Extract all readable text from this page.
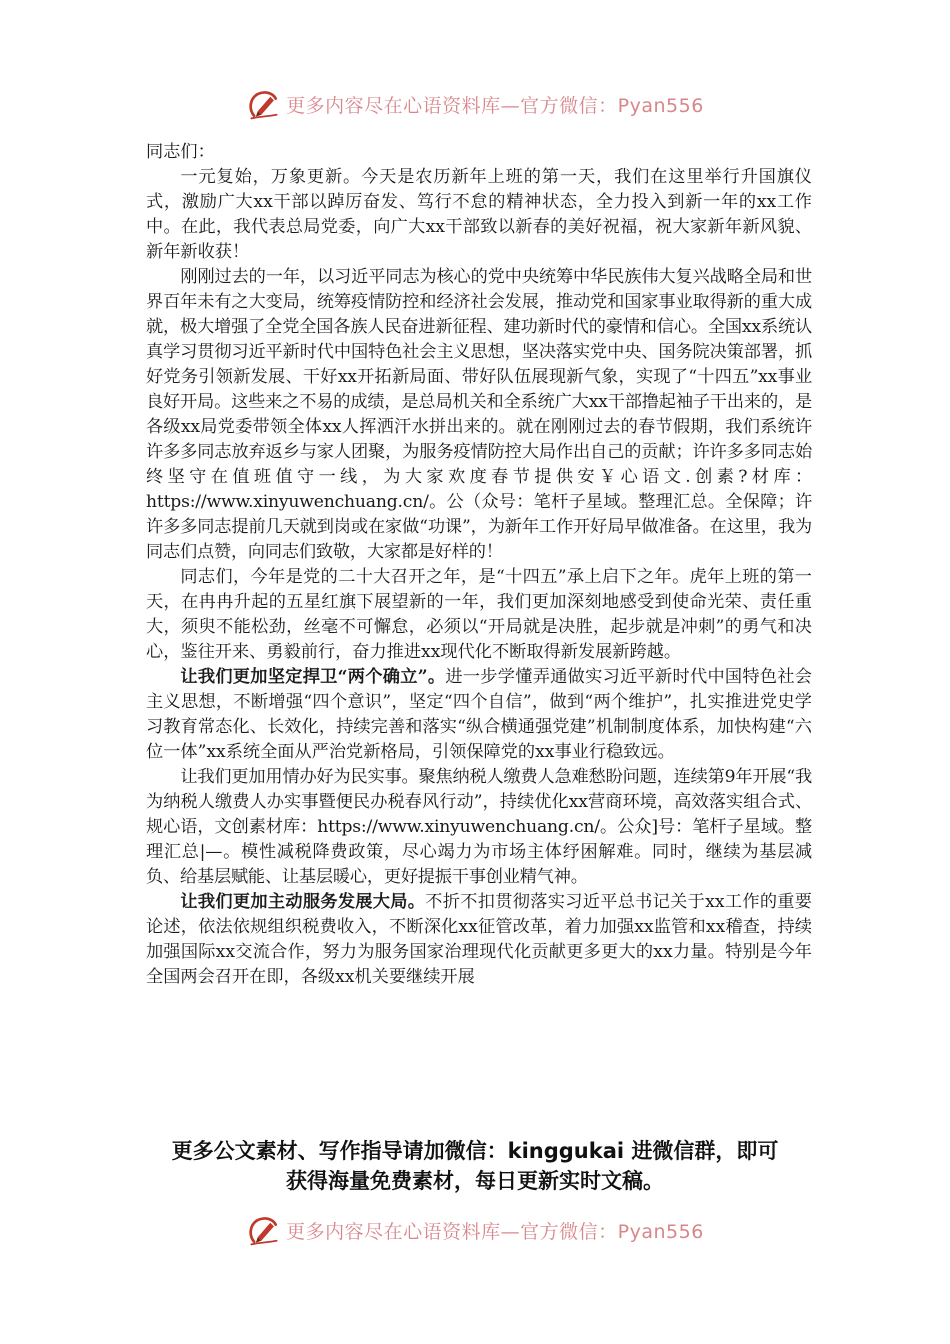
更多内容尽在心语资料库—官方微信：Pyan556

同志们：

一元复始，万象更新。今天是农历新年上班的第一天，我们在这里举行升国旗仪式，激励广大xx干部以踔厉奋发、笃行不怠的精神状态，全力投入到新一年的xx工作中。在此，我代表总局党委，向广大xx干部致以新春的美好祝福，祝大家新年新风貌、新年新收获！

刚刚过去的一年，以习近平同志为核心的党中央统筹中华民族伟大复兴战略全局和世界百年未有之大变局，统筹疫情防控和经济社会发展，推动党和国家事业取得新的重大成就，极大增强了全党全国各族人民奋进新征程、建功新时代的豪情和信心。全国xx系统认真学习贯彻习近平新时代中国特色社会主义思想，坚决落实党中央、国务院决策部署，抓好党务引领新发展、干好xx开拓新局面、带好队伍展现新气象，实现了“十四五”xx事业良好开局。这些来之不易的成绩，是总局机关和全系统广大xx干部撸起袖子干出来的，是各级xx局党委带领全体xx人挥洒汗水拼出来的。就在刚刚过去的春节假期，我们系统许许多多同志放弃返乡与家人团聚，为服务疫情防控大局作出自己的贡献；许许多多同志始终坚守在值班值守一线，为大家欢度春节提供安￥心语文.创素?材库：https://www.xinyuwenchuang.cn/。公（众号：笔杆子星域。整理汇总。全保障；许许多多同志提前几天就到岗或在家做“功课”，为新年工作开好局早做准备。在这里，我为同志们点赞，向同志们致敬，大家都是好样的！

同志们，今年是党的二十大召开之年，是“十四五”承上启下之年。虎年上班的第一天，在冉冉升起的五星红旗下展望新的一年，我们更加深刻地感受到使命光荣、责任重大，须臾不能松劲，丝毫不可懈怠，必须以“开局就是决胜，起步就是冲刺”的勇气和决心，鉴往开来、勇毅前行，奋力推进xx现代化不断取得新发展新跨越。

让我们更加坚定捍卫“两个确立”。进一步学懂弄通做实习近平新时代中国特色社会主义思想，不断增强“四个意识”，坚定“四个自信”，做到“两个维护”，扎实推进党史学习教育常态化、长效化，持续完善和落实“纵合横通强党建”机制制度体系，加快构建“六位一体”xx系统全面从严治党新格局，引领保障党的xx事业行稳致远。

让我们更加用情办好为民实事。聚焦纳税人缴费人急难愁盼问题，连续第9年开展“我为纳税人缴费人办实事暨便民办税春风行动”，持续优化xx营商环境，高效落实组合式、规心语，文创素材库：https://www.xinyuwenchuang.cn/。公众]号：笔杆子星域。整理汇总|—。模性减税降费政策，尽心竭力为市场主体纾困解难。同时，继续为基层减负、给基层赋能、让基层暖心，更好提振干事创业精气神。

让我们更加主动服务发展大局。不折不扣贯彻落实习近平总书记关于xx工作的重要论述，依法依规组织税费收入，不断深化xx征管改革，着力加强xx监管和xx稽查，持续加强国际xx交流合作，努力为服务国家治理现代化贡献更多更大的xx力量。特别是今年全国两会召开在即，各级xx机关要继续开展

更多公文素材、写作指导请加微信：kinggukai 进微信群，即可
获得海量免费素材，每日更新实时文稿。
更多内容尽在心语资料库—官方微信：Pyan556
